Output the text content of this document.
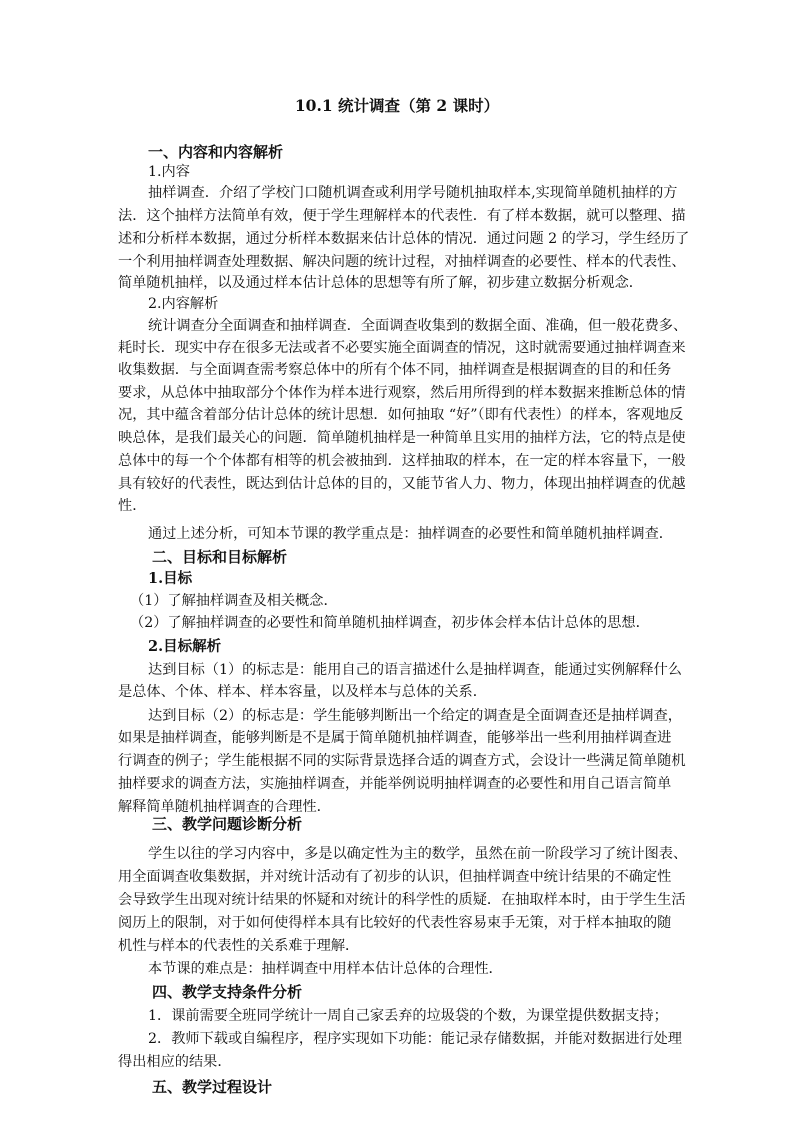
10.1 统计调查（第 2 课时）
一、内容和内容解析
1.内容
抽样调查．介绍了学校门口随机调查或利用学号随机抽取样本,实现简单随机抽样的方
法．这个抽样方法简单有效，便于学生理解样本的代表性．有了样本数据，就可以整理、描
述和分析样本数据，通过分析样本数据来估计总体的情况．通过问题 2 的学习，学生经历了
一个利用抽样调查处理数据、解决问题的统计过程，对抽样调查的必要性、样本的代表性、
简单随机抽样，以及通过样本估计总体的思想等有所了解，初步建立数据分析观念．
2.内容解析
统计调查分全面调查和抽样调查．全面调查收集到的数据全面、准确，但一般花费多、
耗时长．现实中存在很多无法或者不必要实施全面调查的情况，这时就需要通过抽样调查来
收集数据．与全面调查需考察总体中的所有个体不同，抽样调查是根据调查的目的和任务
要求，从总体中抽取部分个体作为样本进行观察，然后用所得到的样本数据来推断总体的情
况，其中蕴含着部分估计总体的统计思想．如何抽取 “好”（即有代表性）的样本，客观地反
映总体，是我们最关心的问题．简单随机抽样是一种简单且实用的抽样方法，它的特点是使
总体中的每一个个体都有相等的机会被抽到．这样抽取的样本，在一定的样本容量下，一般
具有较好的代表性，既达到估计总体的目的，又能节省人力、物力，体现出抽样调查的优越
性．
通过上述分析，可知本节课的教学重点是：抽样调查的必要性和简单随机抽样调查．
二、目标和目标解析
1.目标
（1）了解抽样调查及相关概念．
（2）了解抽样调查的必要性和简单随机抽样调查，初步体会样本估计总体的思想．
2.目标解析
达到目标（1）的标志是：能用自己的语言描述什么是抽样调查，能通过实例解释什么
是总体、个体、样本、样本容量，以及样本与总体的关系．
达到目标（2）的标志是：学生能够判断出一个给定的调查是全面调查还是抽样调查，
如果是抽样调查，能够判断是不是属于简单随机抽样调查，能够举出一些利用抽样调查进
行调查的例子；学生能根据不同的实际背景选择合适的调查方式，会设计一些满足简单随机
抽样要求的调查方法，实施抽样调查，并能举例说明抽样调查的必要性和用自己语言简单
解释简单随机抽样调查的合理性．
三、教学问题诊断分析
学生以往的学习内容中，多是以确定性为主的数学，虽然在前一阶段学习了统计图表、
用全面调查收集数据，并对统计活动有了初步的认识，但抽样调查中统计结果的不确定性
会导致学生出现对统计结果的怀疑和对统计的科学性的质疑．在抽取样本时，由于学生生活
阅历上的限制，对于如何使得样本具有比较好的代表性容易束手无策，对于样本抽取的随
机性与样本的代表性的关系难于理解．
本节课的难点是：抽样调查中用样本估计总体的合理性．
四、教学支持条件分析
1．课前需要全班同学统计一周自己家丢弃的垃圾袋的个数，为课堂提供数据支持；
2．教师下载或自编程序，程序实现如下功能：能记录存储数据，并能对数据进行处理
得出相应的结果．
五、教学过程设计
